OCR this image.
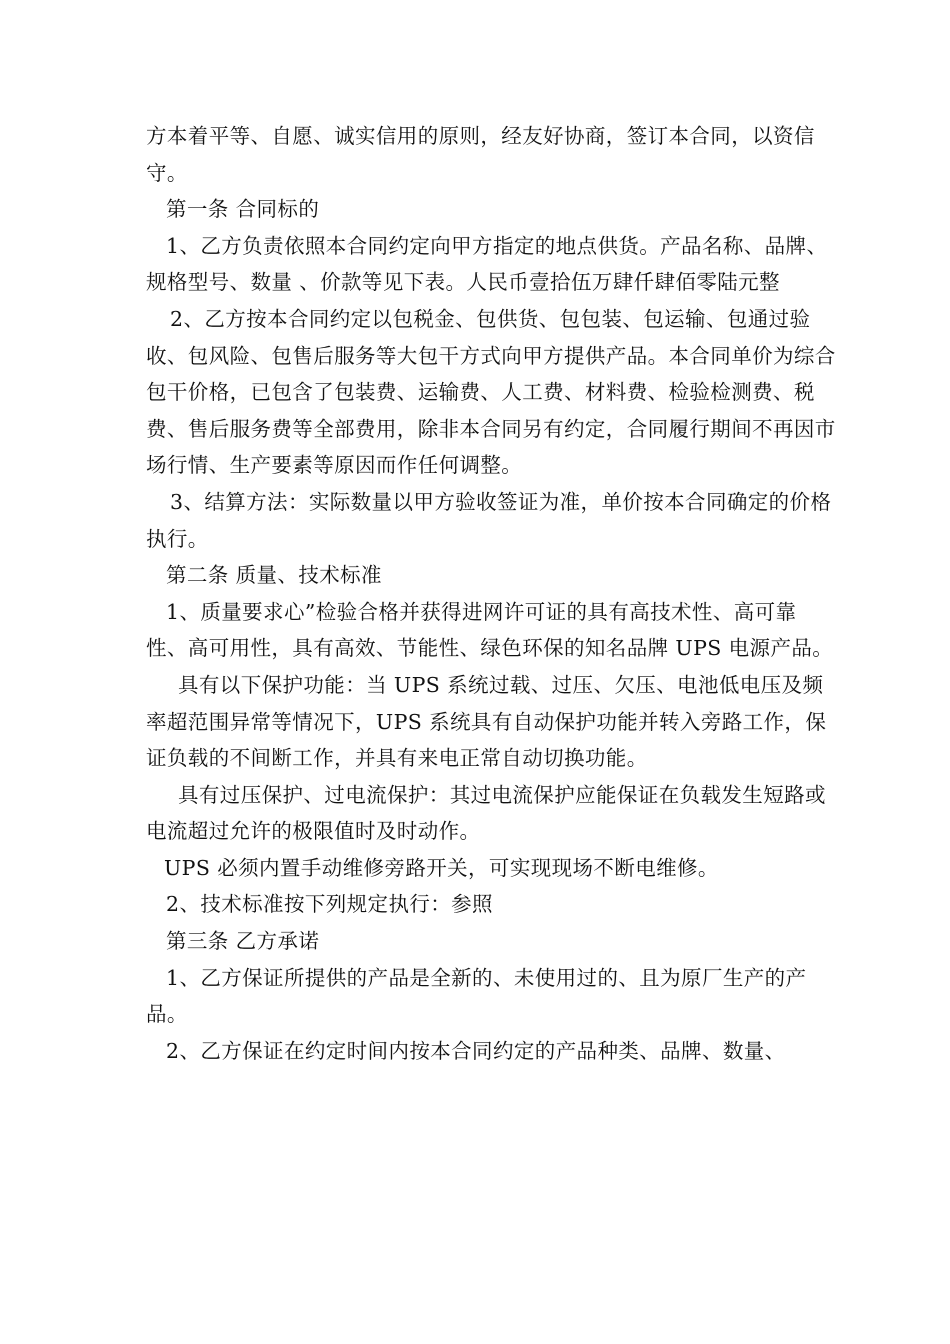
方本着平等、自愿、诚实信用的原则，经友好协商，签订本合同，以资信守。

第一条 合同标的

1、乙方负责依照本合同约定向甲方指定的地点供货。产品名称、品牌、规格型号、数量 、价款等见下表。人民币壹拾伍万肆仟肆佰零陆元整

2、乙方按本合同约定以包税金、包供货、包包装、包运输、包通过验收、包风险、包售后服务等大包干方式向甲方提供产品。本合同单价为综合包干价格，已包含了包装费、运输费、人工费、材料费、检验检测费、税费、售后服务费等全部费用，除非本合同另有约定，合同履行期间不再因市场行情、生产要素等原因而作任何调整。

3、结算方法：实际数量以甲方验收签证为准，单价按本合同确定的价格执行。

第二条 质量、技术标准

1、质量要求心”检验合格并获得进网许可证的具有高技术性、高可靠性、高可用性，具有高效、节能性、绿色环保的知名品牌 UPS 电源产品。

具有以下保护功能：当 UPS 系统过载、过压、欠压、电池低电压及频率超范围异常等情况下，UPS 系统具有自动保护功能并转入旁路工作，保证负载的不间断工作，并具有来电正常自动切换功能。

具有过压保护、过电流保护：其过电流保护应能保证在负载发生短路或电流超过允许的极限值时及时动作。

UPS 必须内置手动维修旁路开关，可实现现场不断电维修。

2、技术标准按下列规定执行：参照

第三条 乙方承诺

1、乙方保证所提供的产品是全新的、未使用过的、且为原厂生产的产品。

2、乙方保证在约定时间内按本合同约定的产品种类、品牌、数量、
